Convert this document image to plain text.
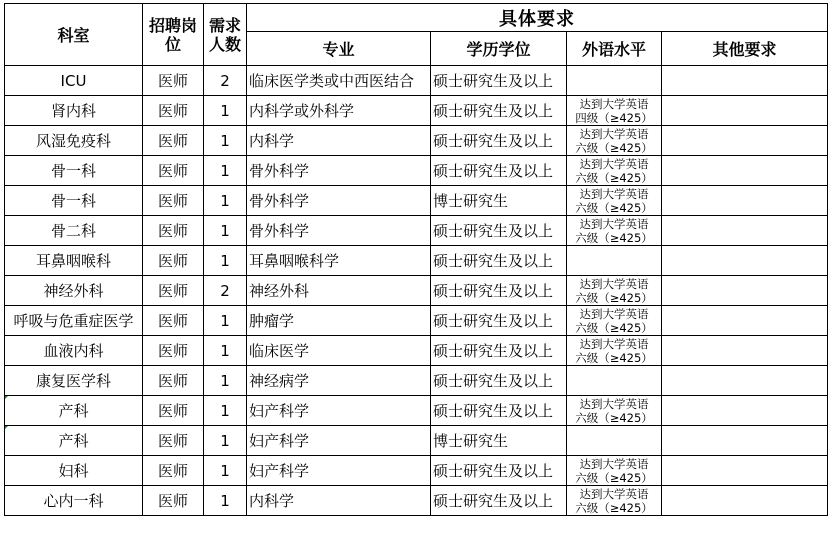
科室	招聘岗位	需求人数	具体要求			
			专业	学历学位	外语水平	其他要求
ICU	医师	2	临床医学类或中西医结合	硕士研究生及以上	

肾内科	医师	1	内科学或外科学	硕士研究生及以上	达到大学英语
四级（≥425）	

风湿免疫科	医师	1	内科学	硕士研究生及以上	达到大学英语
六级（≥425）	

骨一科	医师	1	骨外科学	硕士研究生及以上	达到大学英语
六级（≥425）	

骨一科	医师	1	骨外科学	博士研究生	达到大学英语
六级（≥425）	

骨二科	医师	1	骨外科学	硕士研究生及以上	达到大学英语
六级（≥425）	

耳鼻咽喉科	医师	1	耳鼻咽喉科学	硕士研究生及以上	

神经外科	医师	2	神经外科	硕士研究生及以上	达到大学英语
六级（≥425）	

呼吸与危重症医学	医师	1	肿瘤学	硕士研究生及以上	达到大学英语
六级（≥425）	

血液内科	医师	1	临床医学	硕士研究生及以上	达到大学英语
六级（≥425）	

康复医学科	医师	1	神经病学	硕士研究生及以上	

产科	医师	1	妇产科学	硕士研究生及以上	达到大学英语
六级（≥425）	

产科	医师	1	妇产科学	博士研究生	

妇科	医师	1	妇产科学	硕士研究生及以上	达到大学英语
六级（≥425）	

心内一科	医师	1	内科学	硕士研究生及以上	达到大学英语
六级（≥425）	
